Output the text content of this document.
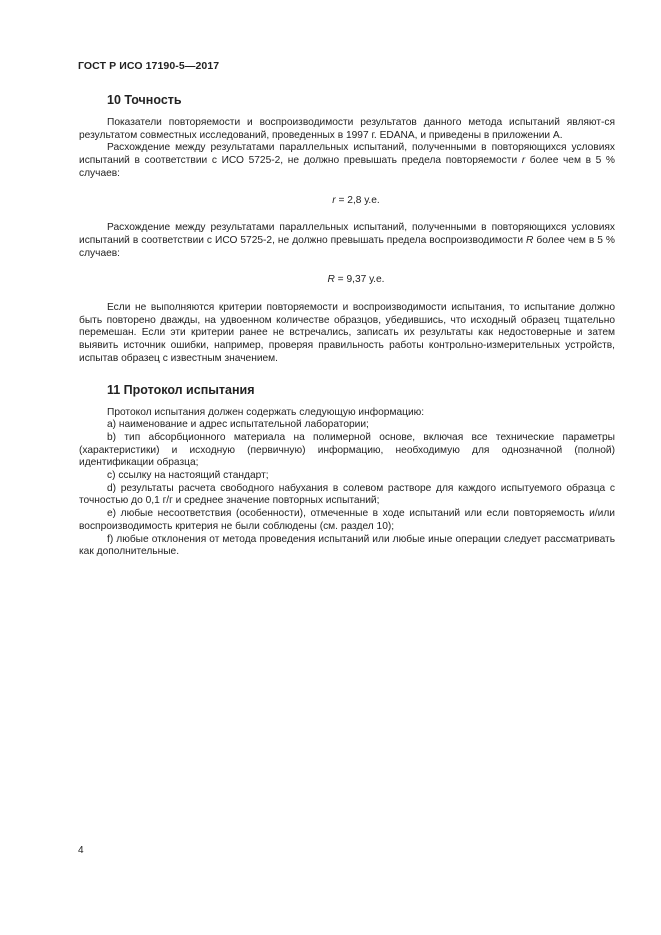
ГОСТ Р ИСО 17190-5—2017
10 Точность

Показатели повторяемости и воспроизводимости результатов данного метода испытаний являют-ся результатом совместных исследований, проведенных в 1997 г. EDANA, и приведены в приложении А.

Расхождение между результатами параллельных испытаний, полученными в повторяющихся условиях испытаний в соответствии с ИСО 5725-2, не должно превышать предела повторяемости r более чем в 5 % случаев:

r = 2,8 у.е.

Расхождение между результатами параллельных испытаний, полученными в повторяющихся условиях испытаний в соответствии с ИСО 5725-2, не должно превышать предела воспроизводимости R более чем в 5 % случаев:

R = 9,37 у.е.

Если не выполняются критерии повторяемости и воспроизводимости испытания, то испытание должно быть повторено дважды, на удвоенном количестве образцов, убедившись, что исходный образец тщательно перемешан. Если эти критерии ранее не встречались, записать их результаты как недостоверные и затем выявить источник ошибки, например, проверяя правильность работы контрольно-измерительных устройств, испытав образец с известным значением.

11 Протокол испытания

Протокол испытания должен содержать следующую информацию:

a) наименование и адрес испытательной лаборатории;

b) тип абсорбционного материала на полимерной основе, включая все технические параметры (характеристики) и исходную (первичную) информацию, необходимую для однозначной (полной) идентификации образца;

c) ссылку на настоящий стандарт;

d) результаты расчета свободного набухания в солевом растворе для каждого испытуемого образца с точностью до 0,1 г/г и среднее значение повторных испытаний;

e) любые несоответствия (особенности), отмеченные в ходе испытаний или если повторяемость и/или воспроизводимость критерия не были соблюдены (см. раздел 10);

f) любые отклонения от метода проведения испытаний или любые иные операции следует рассматривать как дополнительные.

4
